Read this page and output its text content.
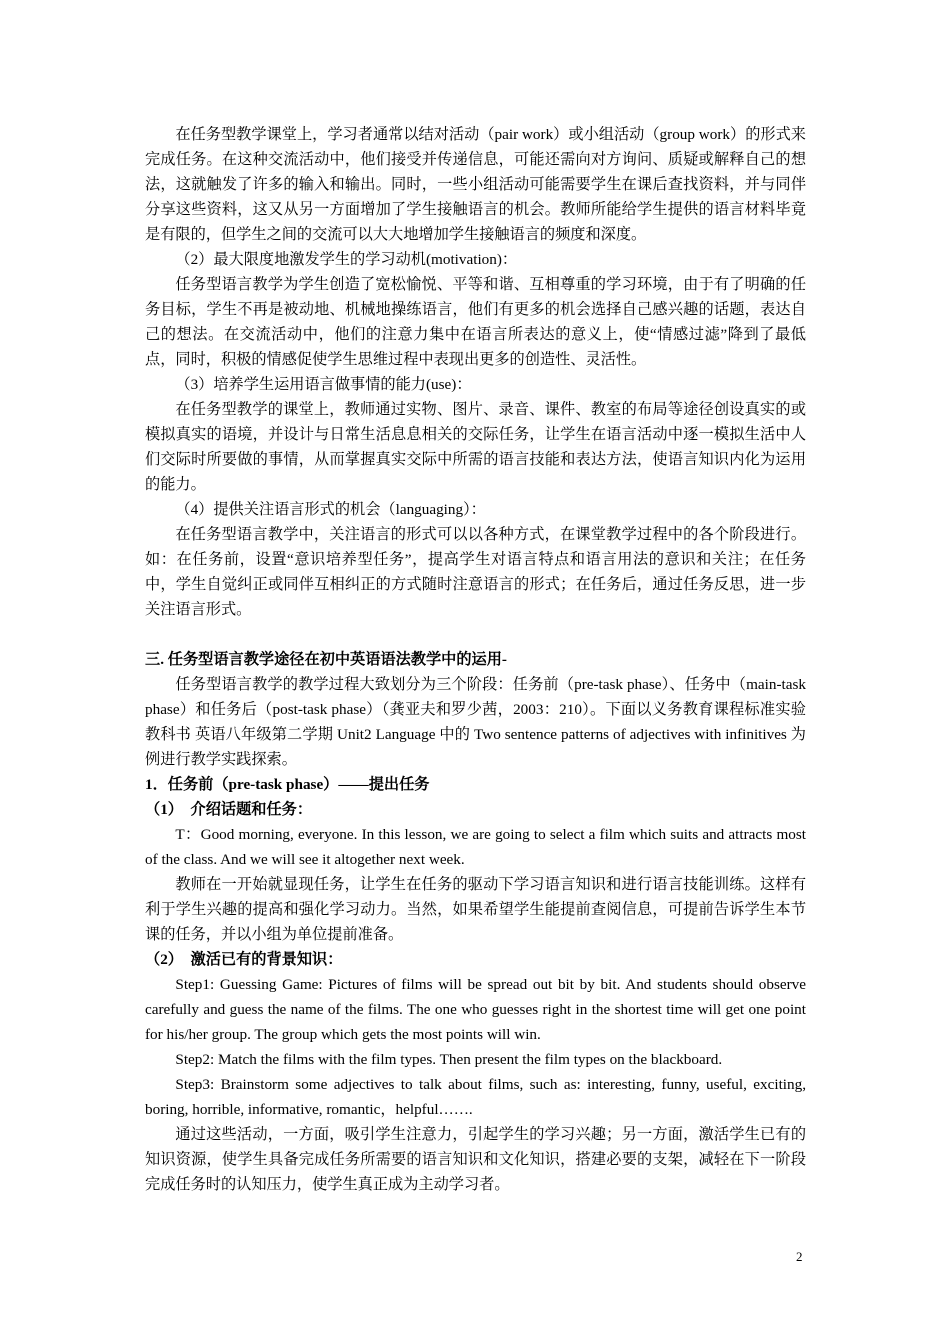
在任务型教学课堂上，学习者通常以结对活动（pair work）或小组活动（group work）的形式来完成任务。在这种交流活动中，他们接受并传递信息，可能还需向对方询问、质疑或解释自己的想法，这就触发了许多的输入和输出。同时，一些小组活动可能需要学生在课后查找资料，并与同伴分享这些资料，这又从另一方面增加了学生接触语言的机会。教师所能给学生提供的语言材料毕竟是有限的，但学生之间的交流可以大大地增加学生接触语言的频度和深度。

（2）最大限度地激发学生的学习动机(motivation)：

任务型语言教学为学生创造了宽松愉悦、平等和谐、互相尊重的学习环境，由于有了明确的任务目标，学生不再是被动地、机械地操练语言，他们有更多的机会选择自己感兴趣的话题，表达自己的想法。在交流活动中，他们的注意力集中在语言所表达的意义上，使“情感过滤”降到了最低点，同时，积极的情感促使学生思维过程中表现出更多的创造性、灵活性。

（3）培养学生运用语言做事情的能力(use)：

在任务型教学的课堂上，教师通过实物、图片、录音、课件、教室的布局等途径创设真实的或模拟真实的语境，并设计与日常生活息息相关的交际任务，让学生在语言活动中逐一模拟生活中人们交际时所要做的事情，从而掌握真实交际中所需的语言技能和表达方法，使语言知识内化为运用的能力。

（4）提供关注语言形式的机会（languaging）：

在任务型语言教学中，关注语言的形式可以以各种方式，在课堂教学过程中的各个阶段进行。如：在任务前，设置“意识培养型任务”，提高学生对语言特点和语言用法的意识和关注；在任务中，学生自觉纠正或同伴互相纠正的方式随时注意语言的形式；在任务后，通过任务反思，进一步关注语言形式。

三. 任务型语言教学途径在初中英语语法教学中的运用-

任务型语言教学的教学过程大致划分为三个阶段：任务前（pre-task phase）、任务中（main-task phase）和任务后（post-task phase）（龚亚夫和罗少茜，2003：210）。下面以义务教育课程标准实验教科书 英语八年级第二学期 Unit2 Language 中的 Two sentence patterns of adjectives with infinitives 为例进行教学实践探索。

1．任务前（pre-task phase）——提出任务

（1）　介绍话题和任务：

T：Good morning, everyone. In this lesson, we are going to select a film which suits and attracts most of the class. And we will see it altogether next week.

教师在一开始就显现任务，让学生在任务的驱动下学习语言知识和进行语言技能训练。这样有利于学生兴趣的提高和强化学习动力。当然，如果希望学生能提前查阅信息，可提前告诉学生本节课的任务，并以小组为单位提前准备。

（2）　激活已有的背景知识：

Step1: Guessing Game: Pictures of films will be spread out bit by bit. And students should observe carefully and guess the name of the films. The one who guesses right in the shortest time will get one point for his/her group. The group which gets the most points will win.

Step2: Match the films with the film types. Then present the film types on the blackboard.

Step3: Brainstorm some adjectives to talk about films, such as: interesting, funny, useful, exciting, boring, horrible, informative, romantic，helpful…….

通过这些活动，一方面，吸引学生注意力，引起学生的学习兴趣；另一方面，激活学生已有的知识资源，使学生具备完成任务所需要的语言知识和文化知识，搭建必要的支架，减轻在下一阶段完成任务时的认知压力，使学生真正成为主动学习者。

2
